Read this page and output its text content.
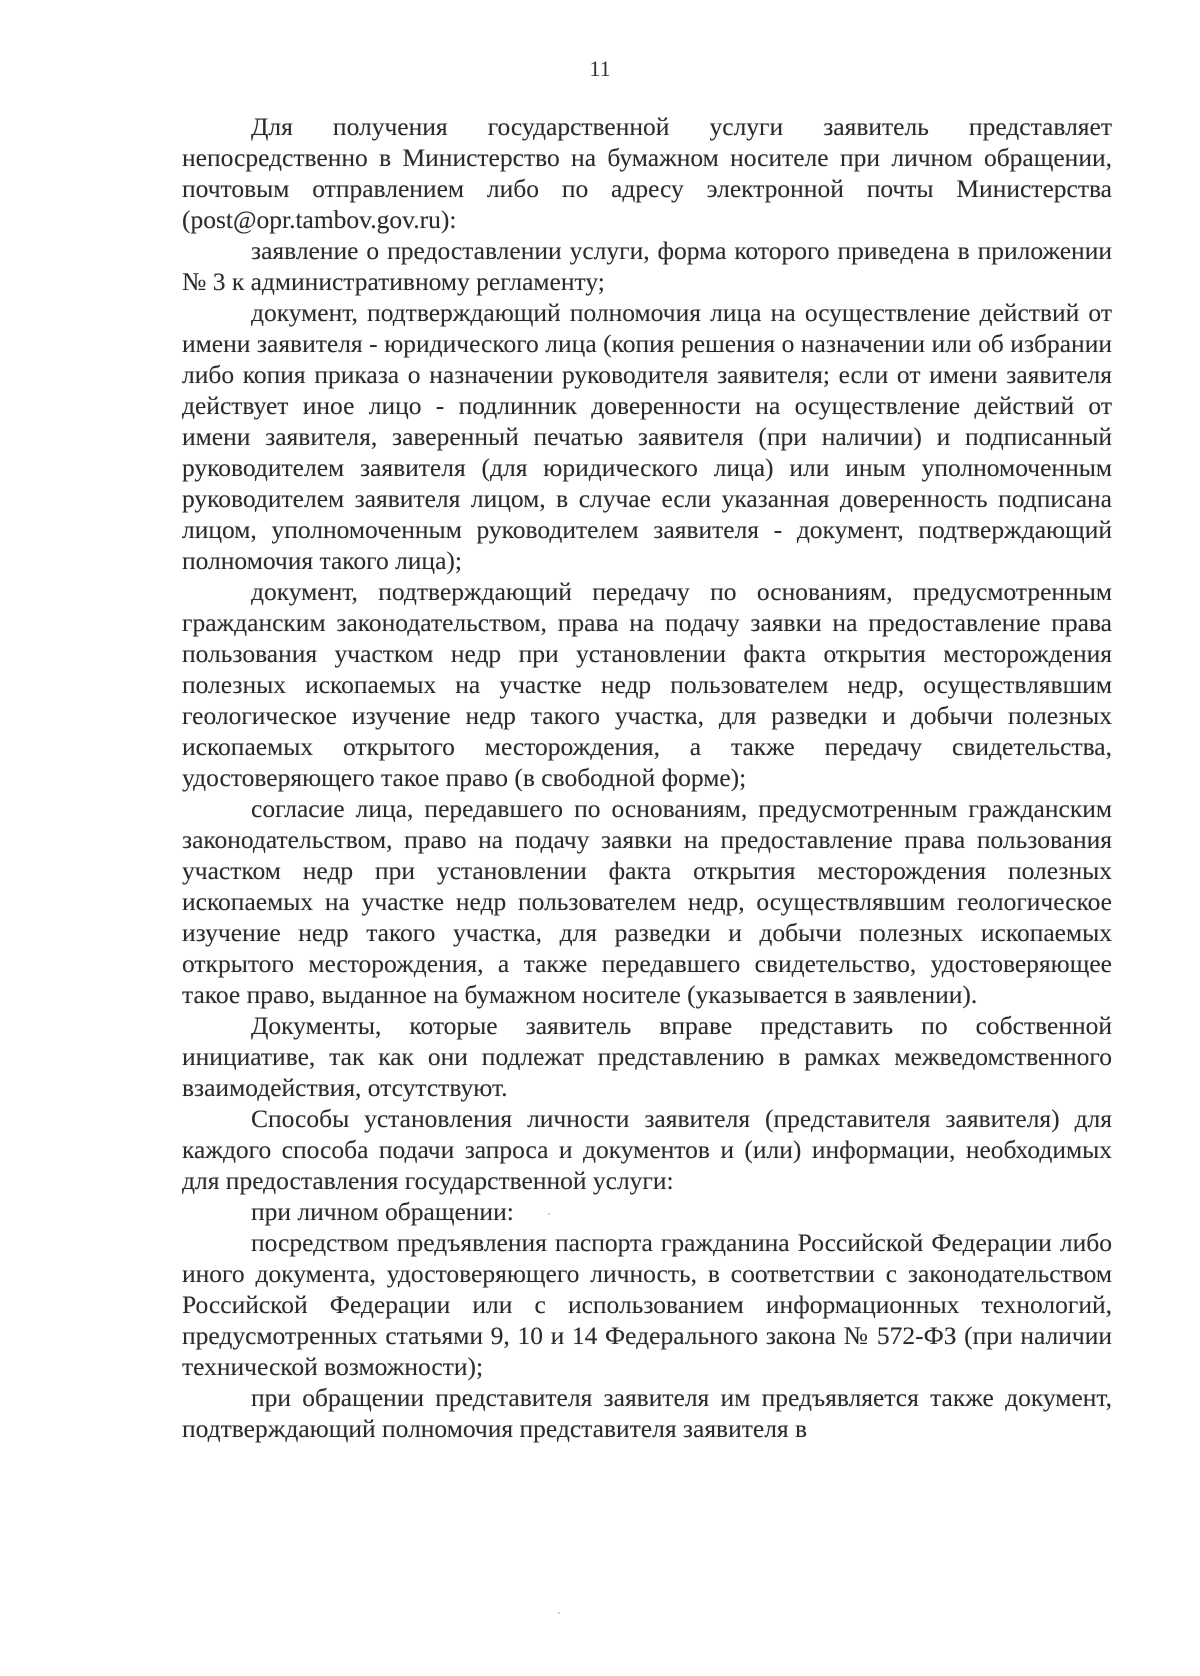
11

Для получения государственной услуги заявитель представляет непосредственно в Министерство на бумажном носителе при личном обращении, почтовым отправлением либо по адресу электронной почты Министерства (post@opr.tambov.gov.ru):

заявление о предоставлении услуги, форма которого приведена в приложении № 3 к административному регламенту;

документ, подтверждающий полномочия лица на осуществление действий от имени заявителя - юридического лица (копия решения о назначении или об избрании либо копия приказа о назначении руководителя заявителя; если от имени заявителя действует иное лицо - подлинник доверенности на осуществление действий от имени заявителя, заверенный печатью заявителя (при наличии) и подписанный руководителем заявителя (для юридического лица) или иным уполномоченным руководителем заявителя лицом, в случае если указанная доверенность подписана лицом, уполномоченным руководителем заявителя - документ, подтверждающий полномочия такого лица);

документ, подтверждающий передачу по основаниям, предусмотренным гражданским законодательством, права на подачу заявки на предоставление права пользования участком недр при установлении факта открытия месторождения полезных ископаемых на участке недр пользователем недр, осуществлявшим геологическое изучение недр такого участка, для разведки и добычи полезных ископаемых открытого месторождения, а также передачу свидетельства, удостоверяющего такое право (в свободной форме);

согласие лица, передавшего по основаниям, предусмотренным гражданским законодательством, право на подачу заявки на предоставление права пользования участком недр при установлении факта открытия месторождения полезных ископаемых на участке недр пользователем недр, осуществлявшим геологическое изучение недр такого участка, для разведки и добычи полезных ископаемых открытого месторождения, а также передавшего свидетельство, удостоверяющее такое право, выданное на бумажном носителе (указывается в заявлении).

Документы, которые заявитель вправе представить по собственной инициативе, так как они подлежат представлению в рамках межведомственного взаимодействия, отсутствуют.

Способы установления личности заявителя (представителя заявителя) для каждого способа подачи запроса и документов и (или) информации, необходимых для предоставления государственной услуги:

при личном обращении:

посредством предъявления паспорта гражданина Российской Федерации либо иного документа, удостоверяющего личность, в соответствии с законодательством Российской Федерации или с использованием информационных технологий, предусмотренных статьями 9, 10 и 14 Федерального закона № 572-ФЗ (при наличии технической возможности);

при обращении представителя заявителя им предъявляется также документ, подтверждающий полномочия представителя заявителя в
